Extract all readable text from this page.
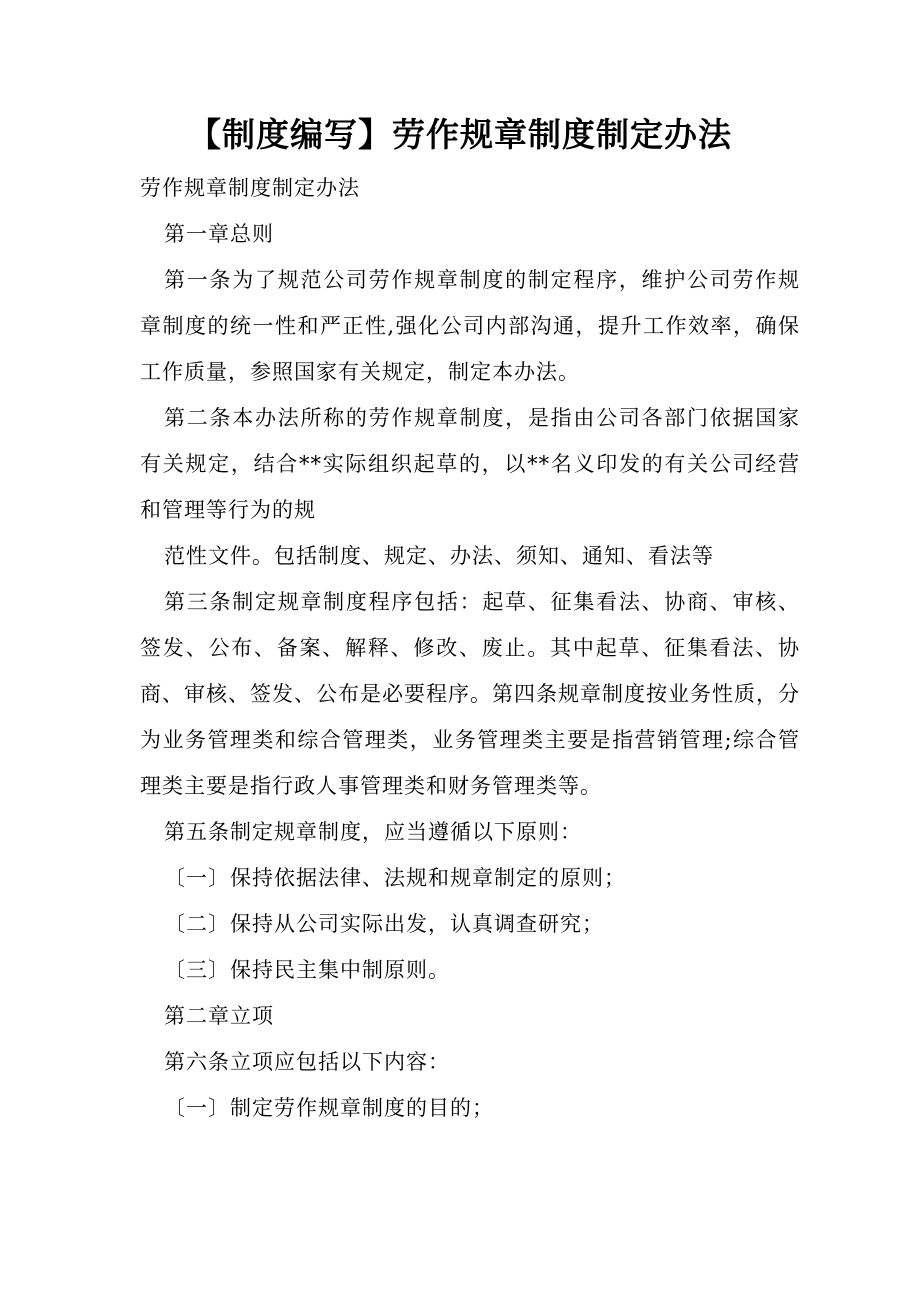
【制度编写】劳作规章制度制定办法

劳作规章制度制定办法

第一章总则

第一条为了规范公司劳作规章制度的制定程序，维护公司劳作规章制度的统一性和严正性,强化公司内部沟通，提升工作效率，确保工作质量，参照国家有关规定，制定本办法。

第二条本办法所称的劳作规章制度，是指由公司各部门依据国家有关规定，结合**实际组织起草的，以**名义印发的有关公司经营和管理等行为的规

范性文件。包括制度、规定、办法、须知、通知、看法等

第三条制定规章制度程序包括：起草、征集看法、协商、审核、签发、公布、备案、解释、修改、废止。其中起草、征集看法、协商、审核、签发、公布是必要程序。第四条规章制度按业务性质，分为业务管理类和综合管理类，业务管理类主要是指营销管理;综合管理类主要是指行政人事管理类和财务管理类等。

第五条制定规章制度，应当遵循以下原则：

〔一〕保持依据法律、法规和规章制定的原则；

〔二〕保持从公司实际出发，认真调查研究；

〔三〕保持民主集中制原则。

第二章立项

第六条立项应包括以下内容：

〔一〕制定劳作规章制度的目的；
